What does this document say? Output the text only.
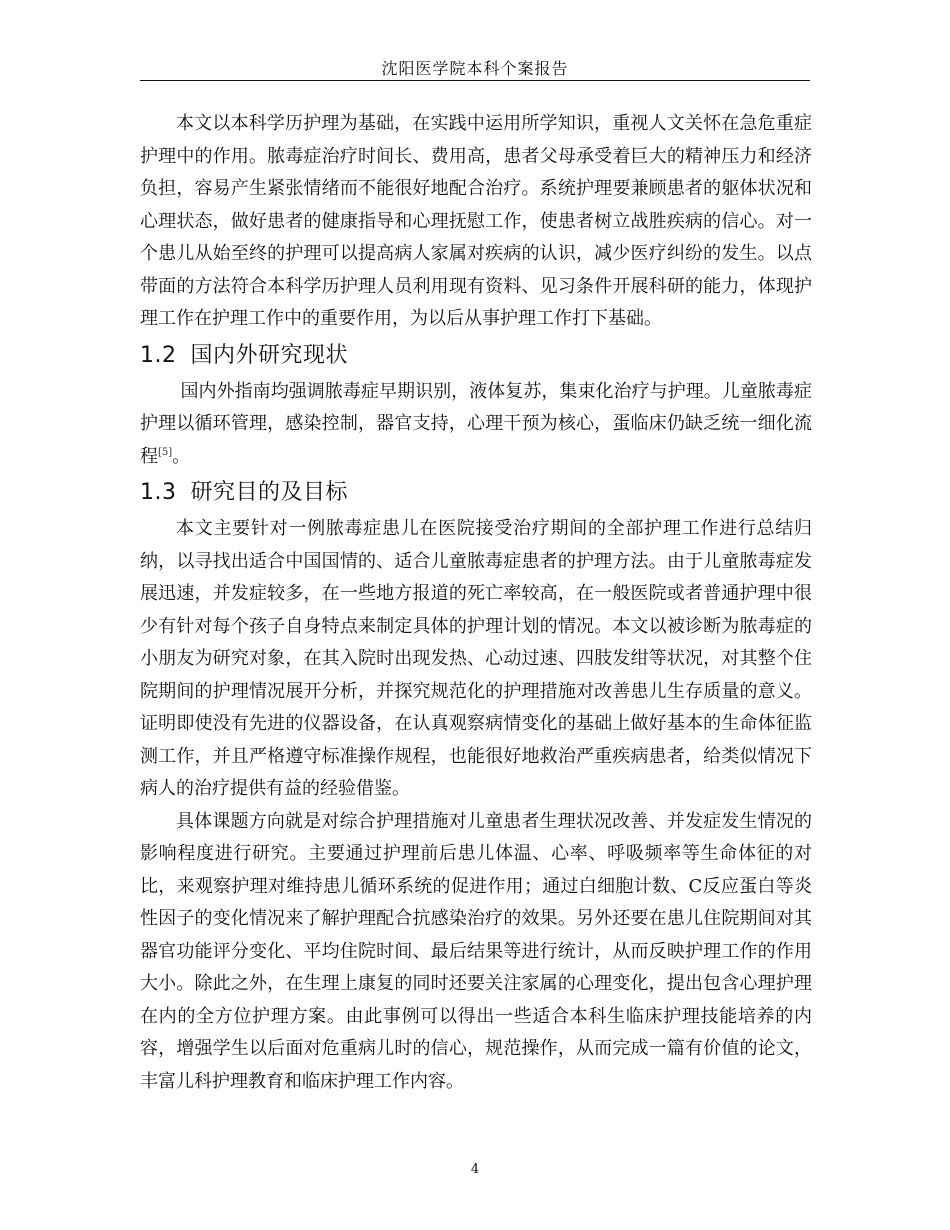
沈阳医学院本科个案报告

本文以本科学历护理为基础，在实践中运用所学知识，重视人文关怀在急危重症护理中的作用。脓毒症治疗时间长、费用高，患者父母承受着巨大的精神压力和经济负担，容易产生紧张情绪而不能很好地配合治疗。系统护理要兼顾患者的躯体状况和心理状态，做好患者的健康指导和心理抚慰工作，使患者树立战胜疾病的信心。对一个患儿从始至终的护理可以提高病人家属对疾病的认识，减少医疗纠纷的发生。以点带面的方法符合本科学历护理人员利用现有资料、见习条件开展科研的能力，体现护理工作在护理工作中的重要作用，为以后从事护理工作打下基础。

1.2 国内外研究现状

国内外指南均强调脓毒症早期识别，液体复苏，集束化治疗与护理。儿童脓毒症护理以循环管理，感染控制，器官支持，心理干预为核心，蛋临床仍缺乏统一细化流程[5]。

1.3 研究目的及目标

本文主要针对一例脓毒症患儿在医院接受治疗期间的全部护理工作进行总结归纳，以寻找出适合中国国情的、适合儿童脓毒症患者的护理方法。由于儿童脓毒症发展迅速，并发症较多，在一些地方报道的死亡率较高，在一般医院或者普通护理中很少有针对每个孩子自身特点来制定具体的护理计划的情况。本文以被诊断为脓毒症的小朋友为研究对象，在其入院时出现发热、心动过速、四肢发绀等状况，对其整个住院期间的护理情况展开分析，并探究规范化的护理措施对改善患儿生存质量的意义。证明即使没有先进的仪器设备，在认真观察病情变化的基础上做好基本的生命体征监测工作，并且严格遵守标准操作规程，也能很好地救治严重疾病患者，给类似情况下病人的治疗提供有益的经验借鉴。

具体课题方向就是对综合护理措施对儿童患者生理状况改善、并发症发生情况的影响程度进行研究。主要通过护理前后患儿体温、心率、呼吸频率等生命体征的对比，来观察护理对维持患儿循环系统的促进作用；通过白细胞计数、C反应蛋白等炎性因子的变化情况来了解护理配合抗感染治疗的效果。另外还要在患儿住院期间对其器官功能评分变化、平均住院时间、最后结果等进行统计，从而反映护理工作的作用大小。除此之外，在生理上康复的同时还要关注家属的心理变化，提出包含心理护理在内的全方位护理方案。由此事例可以得出一些适合本科生临床护理技能培养的内容，增强学生以后面对危重病儿时的信心，规范操作，从而完成一篇有价值的论文，丰富儿科护理教育和临床护理工作内容。

4
